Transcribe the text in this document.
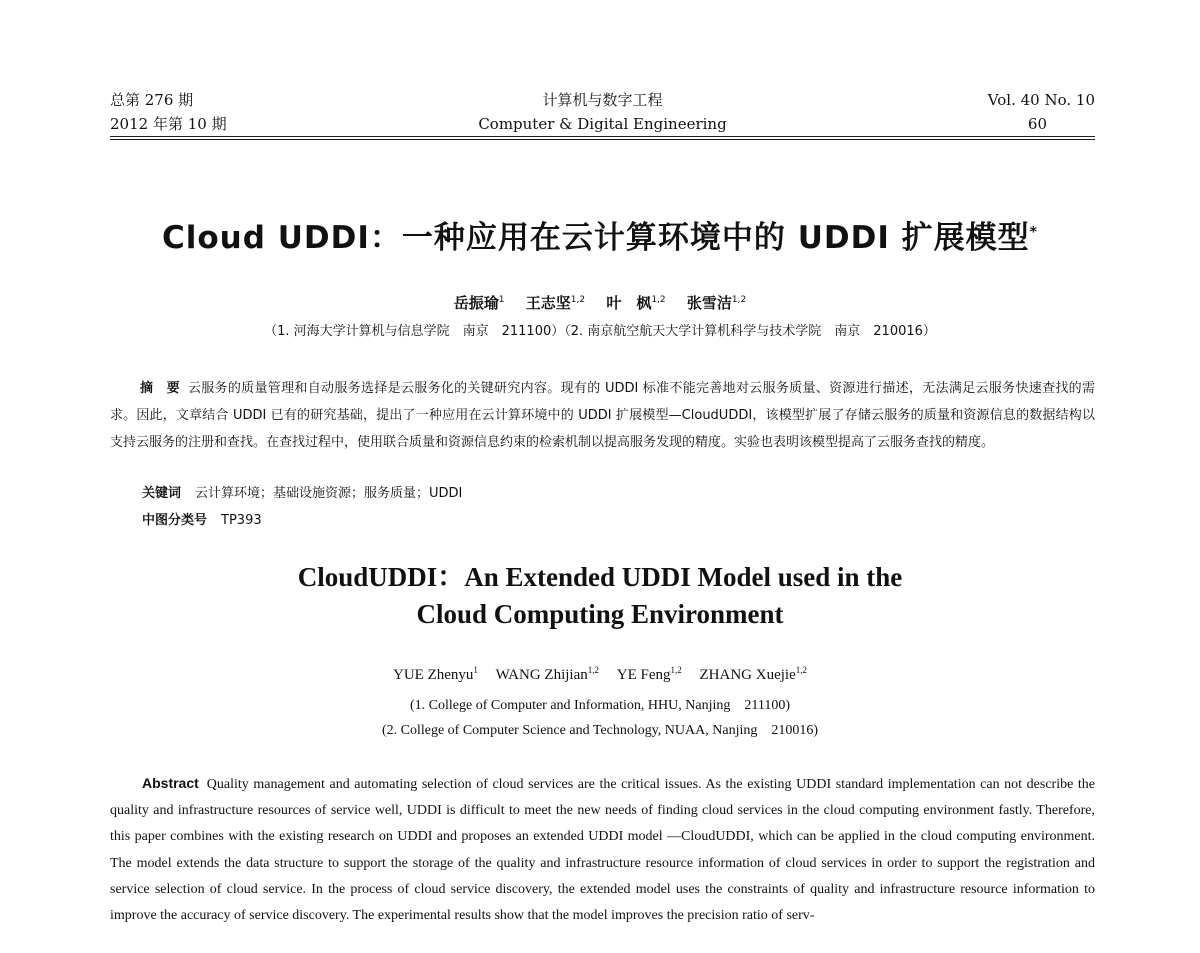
总第 276 期
2012 年第 10 期
计算机与数字工程
Computer & Digital Engineering
Vol. 40 No. 10
60
Cloud UDDI：一种应用在云计算环境中的 UDDI 扩展模型*
岳振瑜$^1$ 王志坚$^{1,2}$ 叶　枫$^{1,2}$ 张雪洁$^{1,2}$
（1. 河海大学计算机与信息学院　南京　211100）（2. 南京航空航天大学计算机科学与技术学院　南京　210016）
摘　要 云服务的质量管理和自动服务选择是云服务化的关键研究内容。现有的 UDDI 标准不能完善地对云服务质量、资源进行描述，无法满足云服务快速查找的需求。因此，文章结合 UDDI 已有的研究基础，提出了一种应用在云计算环境中的 UDDI 扩展模型—CloudUDDI，该模型扩展了存储云服务的质量和资源信息的数据结构以支持云服务的注册和查找。在查找过程中，使用联合质量和资源信息约束的检索机制以提高服务发现的精度。实验也表明该模型提高了云服务查找的精度。
关键词 云计算环境；基础设施资源；服务质量；UDDI
中图分类号 TP393
CloudUDDI：An Extended UDDI Model used in the
Cloud Computing Environment
YUE Zhenyu$^1$ WANG Zhijian$^{1,2}$ YE Feng$^{1,2}$ ZHANG Xuejie$^{1,2}$
(1. College of Computer and Information, HHU, Nanjing　211100)
(2. College of Computer Science and Technology, NUAA, Nanjing　210016)
Abstract Quality management and automating selection of cloud services are the critical issues. As the existing UDDI standard implementation can not describe the quality and infrastructure resources of service well, UDDI is difficult to meet the new needs of finding cloud services in the cloud computing environment fastly. Therefore, this paper combines with the existing research on UDDI and proposes an extended UDDI model —CloudUDDI, which can be applied in the cloud computing environment. The model extends the data structure to support the storage of the quality and infrastructure resource information of cloud services in order to support the registration and service selection of cloud service. In the process of cloud service discovery, the extended model uses the constraints of quality and infrastructure resource information to improve the accuracy of service discovery. The experimental results show that the model improves the precision ratio of serv-
